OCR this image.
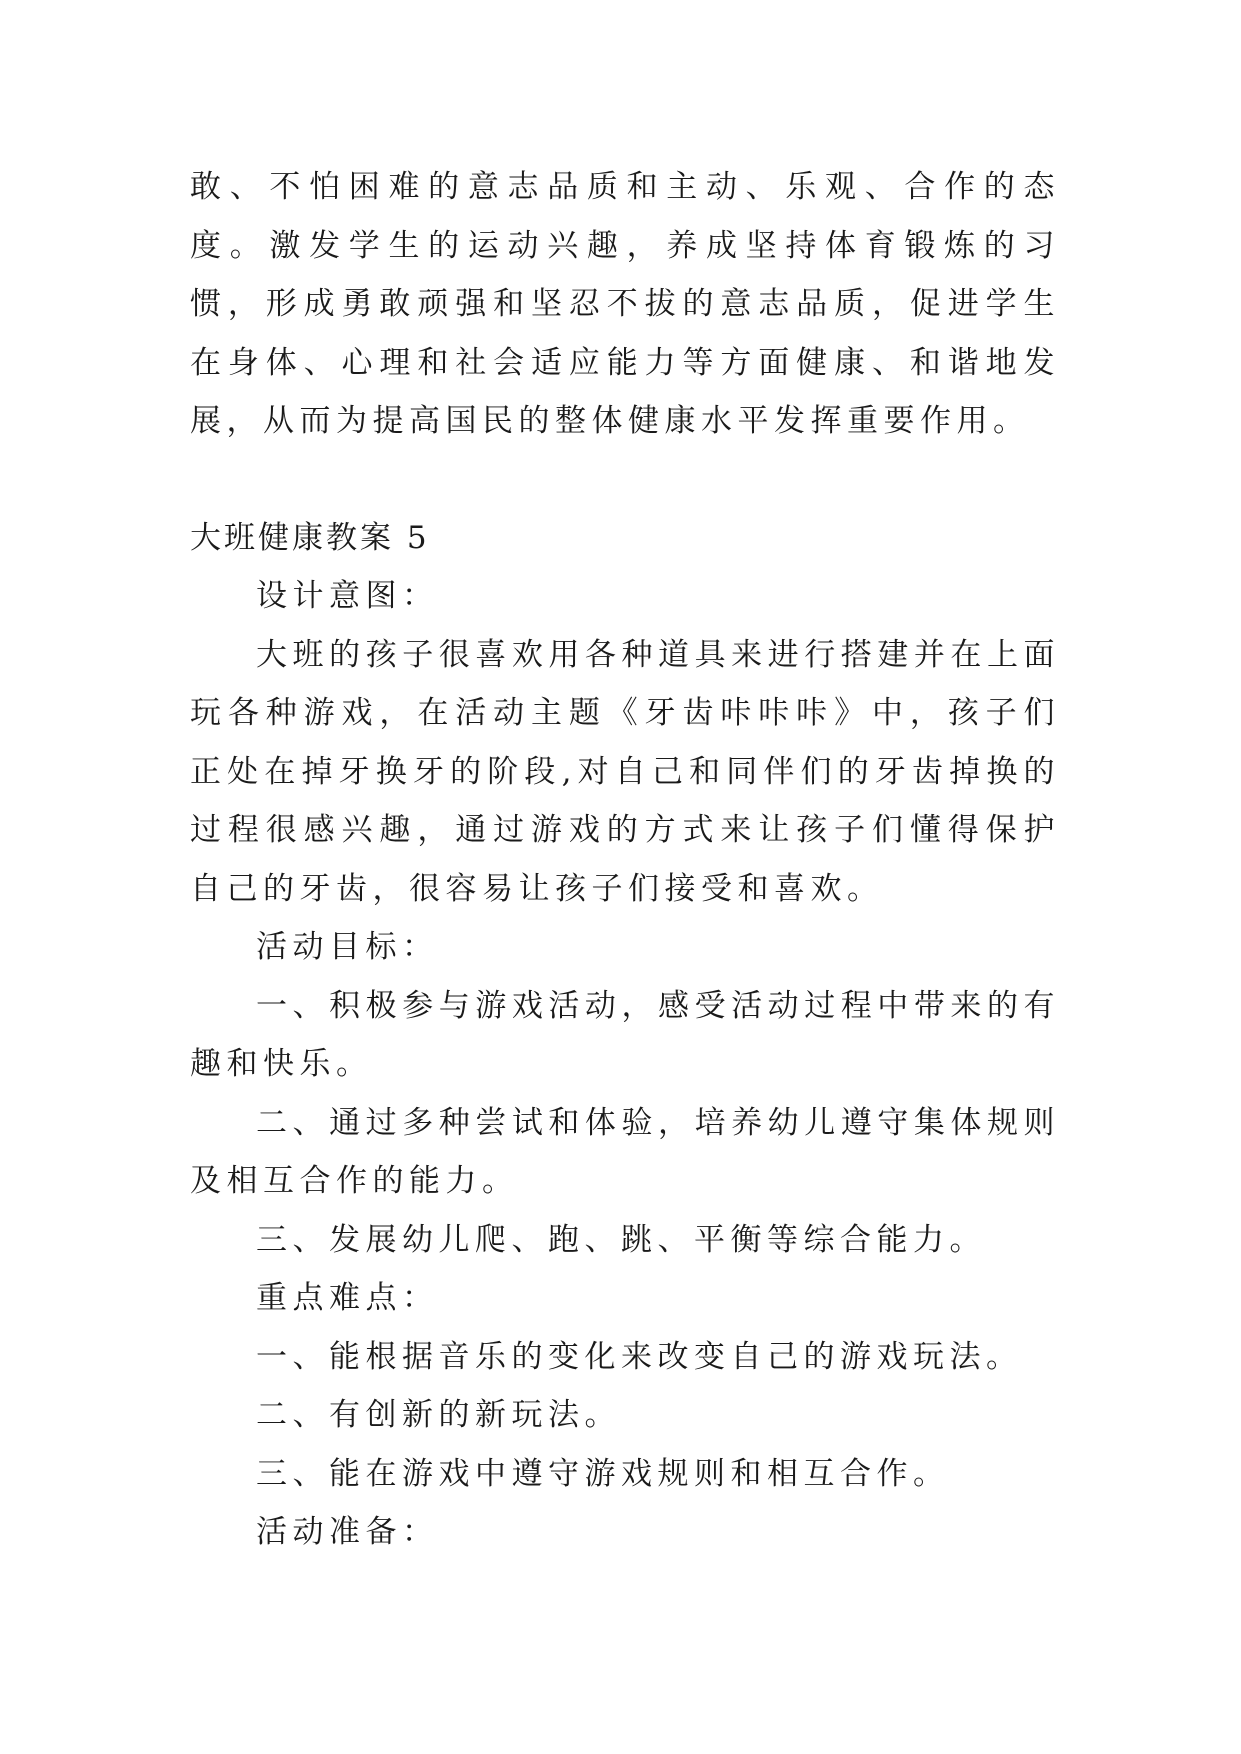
敢、不怕困难的意志品质和主动、乐观、合作的态度。激发学生的运动兴趣，养成坚持体育锻炼的习惯，形成勇敢顽强和坚忍不拔的意志品质，促进学生在身体、心理和社会适应能力等方面健康、和谐地发展，从而为提高国民的整体健康水平发挥重要作用。

大班健康教案 5

设计意图：

大班的孩子很喜欢用各种道具来进行搭建并在上面玩各种游戏，在活动主题《牙齿咔咔咔》中，孩子们正处在掉牙换牙的阶段,对自己和同伴们的牙齿掉换的过程很感兴趣，通过游戏的方式来让孩子们懂得保护自己的牙齿，很容易让孩子们接受和喜欢。

活动目标：

一、积极参与游戏活动，感受活动过程中带来的有趣和快乐。

二、通过多种尝试和体验，培养幼儿遵守集体规则及相互合作的能力。

三、发展幼儿爬、跑、跳、平衡等综合能力。

重点难点：

一、能根据音乐的变化来改变自己的游戏玩法。

二、有创新的新玩法。

三、能在游戏中遵守游戏规则和相互合作。

活动准备：
